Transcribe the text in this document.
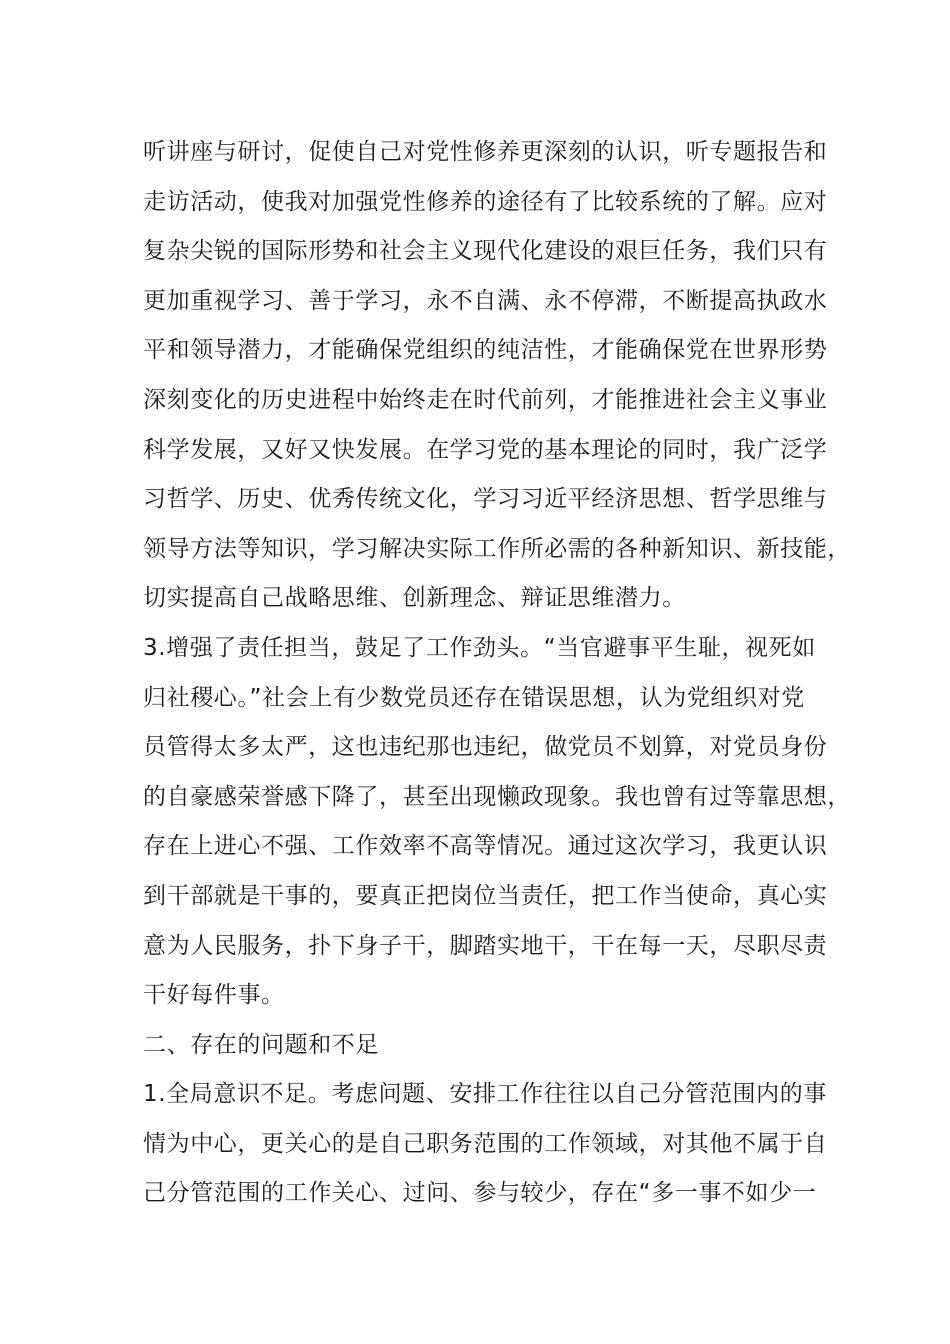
听讲座与研讨，促使自己对党性修养更深刻的认识，听专题报告和
走访活动，使我对加强党性修养的途径有了比较系统的了解。应对
复杂尖锐的国际形势和社会主义现代化建设的艰巨任务，我们只有
更加重视学习、善于学习，永不自满、永不停滞，不断提高执政水
平和领导潜力，才能确保党组织的纯洁性，才能确保党在世界形势
深刻变化的历史进程中始终走在时代前列，才能推进社会主义事业
科学发展，又好又快发展。在学习党的基本理论的同时，我广泛学
习哲学、历史、优秀传统文化，学习习近平经济思想、哲学思维与
领导方法等知识，学习解决实际工作所必需的各种新知识、新技能，
切实提高自己战略思维、创新理念、辩证思维潜力。
3.增强了责任担当，鼓足了工作劲头。“当官避事平生耻，视死如
归社稷心。”社会上有少数党员还存在错误思想，认为党组织对党
员管得太多太严，这也违纪那也违纪，做党员不划算，对党员身份
的自豪感荣誉感下降了，甚至出现懒政现象。我也曾有过等靠思想，
存在上进心不强、工作效率不高等情况。通过这次学习，我更认识
到干部就是干事的，要真正把岗位当责任，把工作当使命，真心实
意为人民服务，扑下身子干，脚踏实地干，干在每一天，尽职尽责
干好每件事。
二、存在的问题和不足
1.全局意识不足。考虑问题、安排工作往往以自己分管范围内的事
情为中心，更关心的是自己职务范围的工作领域，对其他不属于自
己分管范围的工作关心、过问、参与较少，存在“多一事不如少一
